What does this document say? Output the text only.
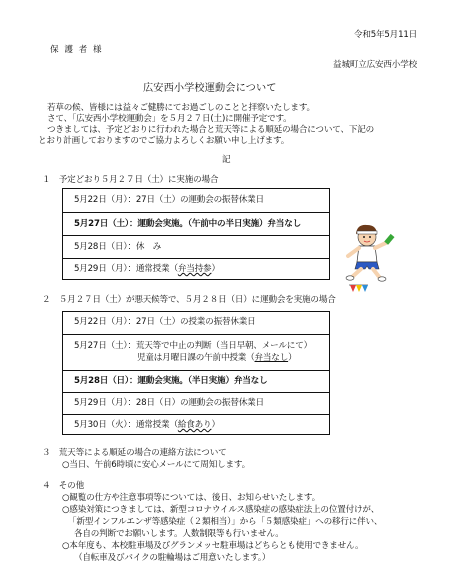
令和5年5月11日
保 護 者 様
益城町立広安西小学校
広安西小学校運動会について
若草の候、皆様には益々ご健勝にてお過ごしのことと拝察いたします。
さて、「広安西小学校運動会」を５月２７日(土)に開催予定です。
つきましては、予定どおりに行われた場合と荒天等による順延の場合について、下記の
とおり計画しておりますのでご協力よろしくお願い申し上げます。
記
１　予定どおり５月２７日（土）に実施の場合
5月22日（月）：27日（土）の運動会の振替休業日
5月27日（土）：運動会実施。（午前中の半日実施）弁当なし
5月28日（日）：休　み
5月29日（月）：通常授業（弁当持参）
２　５月２７日（土）が悪天候等で、５月２８日（日）に運動会を実施の場合
5月22日（月）：27日（土）の授業の振替休業日
5月27日（土）：荒天等で中止の判断（当日早朝、メールにて）
児童は月曜日課の午前中授業（弁当なし）
5月28日（日）：運動会実施。（半日実施）弁当なし
5月29日（月）：28日（日）の運動会の振替休業日
5月30日（火）：通常授業（給食あり）
３　荒天等による順延の場合の連絡方法について
○当日、午前6時頃に安心メールにて周知します。
４　その他
○観覧の仕方や注意事項等については、後日、お知らせいたします。
○感染対策につきましては、新型コロナウイルス感染症の感染症法上の位置付けが、
「新型インフルエンザ等感染症（２類相当）」から「５類感染症」への移行に伴い、
各自の判断でお願いします。人数制限等も行いません。
○本年度も、本校駐車場及びグランメッセ駐車場はどちらとも使用できません。
（自転車及びバイクの駐輪場はご用意いたします。）
